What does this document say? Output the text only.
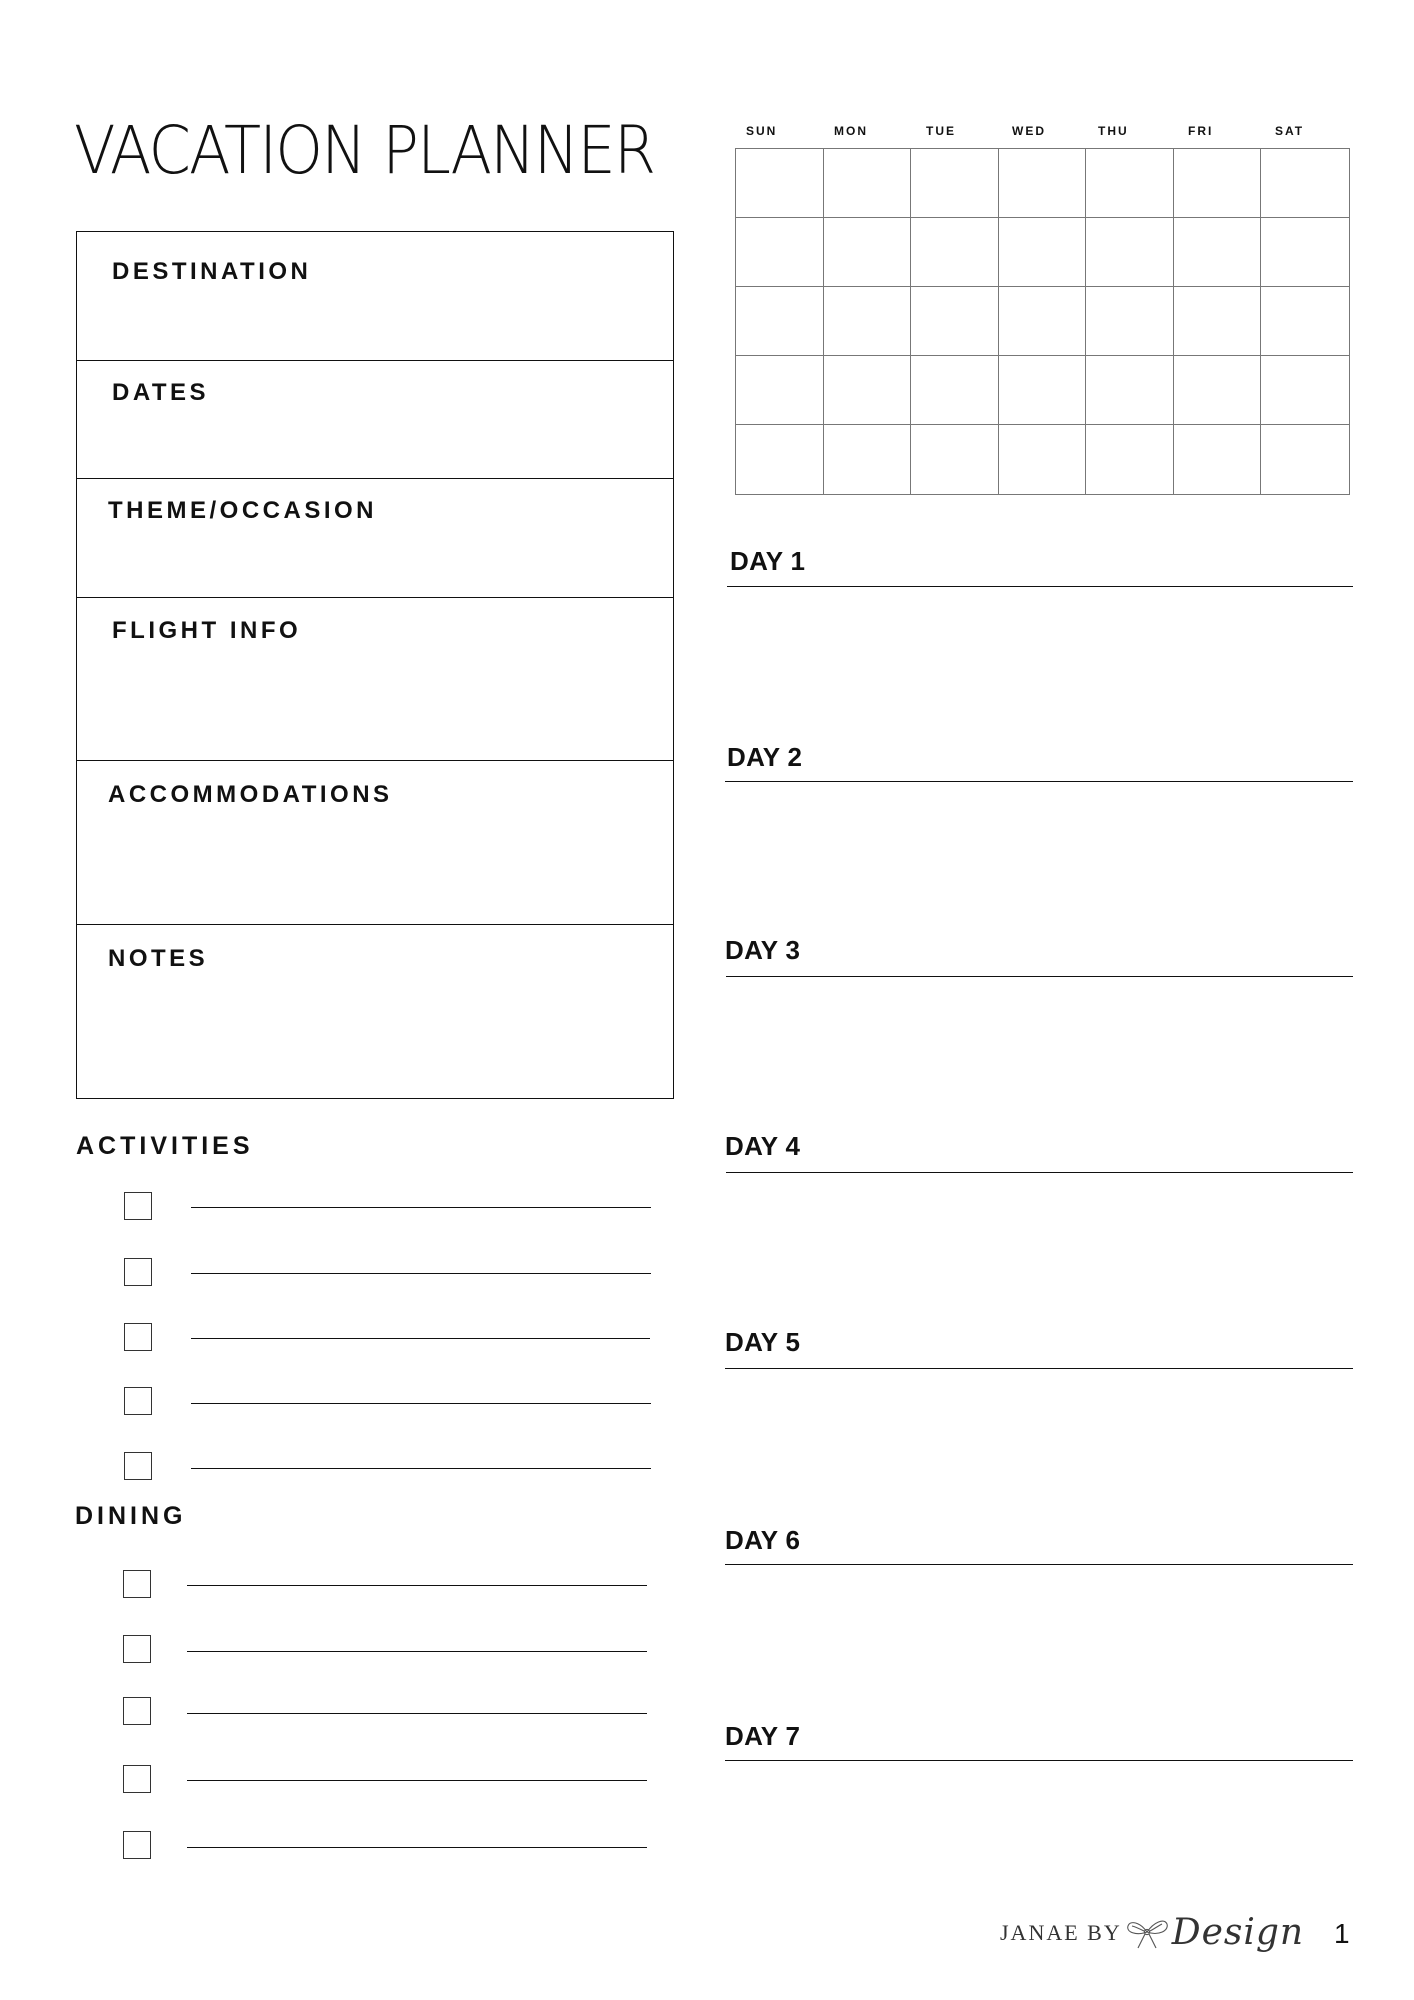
VACATION PLANNER
DESTINATION
DATES
THEME/OCCASION
FLIGHT INFO
ACCOMMODATIONS
NOTES
ACTIVITIES
DINING
SUN	MON	TUE	WED	THU	FRI	SAT
DAY 1
DAY 2
DAY 3
DAY 4
DAY 5
DAY 6
DAY 7
JANAE BY Design 1
